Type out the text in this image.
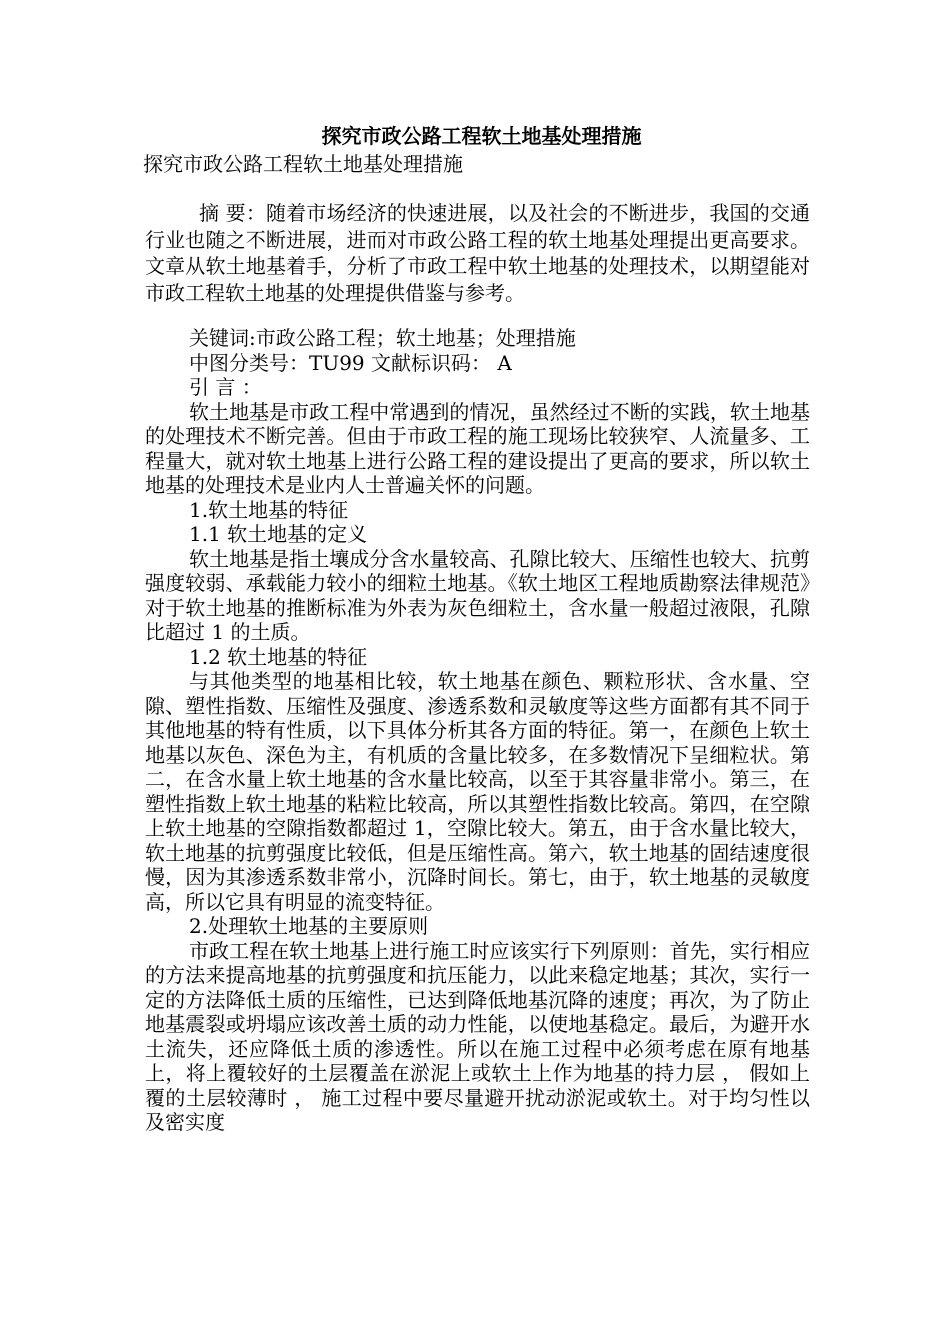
探究市政公路工程软土地基处理措施

探究市政公路工程软土地基处理措施

摘 要：随着市场经济的快速进展，以及社会的不断进步，我国的交通行业也随之不断进展，进而对市政公路工程的软土地基处理提出更高要求。文章从软土地基着手，分析了市政工程中软土地基的处理技术，以期望能对市政工程软土地基的处理提供借鉴与参考。

关键词:市政公路工程；软土地基；处理措施

中图分类号：TU99 文献标识码： A

引 言 ：

软土地基是市政工程中常遇到的情况，虽然经过不断的实践，软土地基的处理技术不断完善。但由于市政工程的施工现场比较狭窄、人流量多、工程量大，就对软土地基上进行公路工程的建设提出了更高的要求，所以软土地基的处理技术是业内人士普遍关怀的问题。

1.软土地基的特征

1.1 软土地基的定义

软土地基是指土壤成分含水量较高、孔隙比较大、压缩性也较大、抗剪强度较弱、承载能力较小的细粒土地基。《软土地区工程地质勘察法律规范》对于软土地基的推断标准为外表为灰色细粒土，含水量一般超过液限，孔隙比超过 1 的土质。

1.2 软土地基的特征

与其他类型的地基相比较，软土地基在颜色、颗粒形状、含水量、空隙、塑性指数、压缩性及强度、渗透系数和灵敏度等这些方面都有其不同于其他地基的特有性质，以下具体分析其各方面的特征。第一，在颜色上软土地基以灰色、深色为主，有机质的含量比较多，在多数情况下呈细粒状。第二，在含水量上软土地基的含水量比较高，以至于其容量非常小。第三，在塑性指数上软土地基的粘粒比较高，所以其塑性指数比较高。第四，在空隙上软土地基的空隙指数都超过 1，空隙比较大。第五，由于含水量比较大，软土地基的抗剪强度比较低，但是压缩性高。第六，软土地基的固结速度很慢，因为其渗透系数非常小，沉降时间长。第七，由于，软土地基的灵敏度高，所以它具有明显的流变特征。

2.处理软土地基的主要原则

市政工程在软土地基上进行施工时应该实行下列原则：首先，实行相应的方法来提高地基的抗剪强度和抗压能力，以此来稳定地基；其次，实行一定的方法降低土质的压缩性，已达到降低地基沉降的速度；再次，为了防止地基震裂或坍塌应该改善土质的动力性能，以使地基稳定。最后，为避开水土流失，还应降低土质的渗透性。所以在施工过程中必须考虑在原有地基上，将上覆较好的土层覆盖在淤泥上或软土上作为地基的持力层 ， 假如上覆的土层较薄时 ， 施工过程中要尽量避开扰动淤泥或软土。对于均匀性以及密实度
